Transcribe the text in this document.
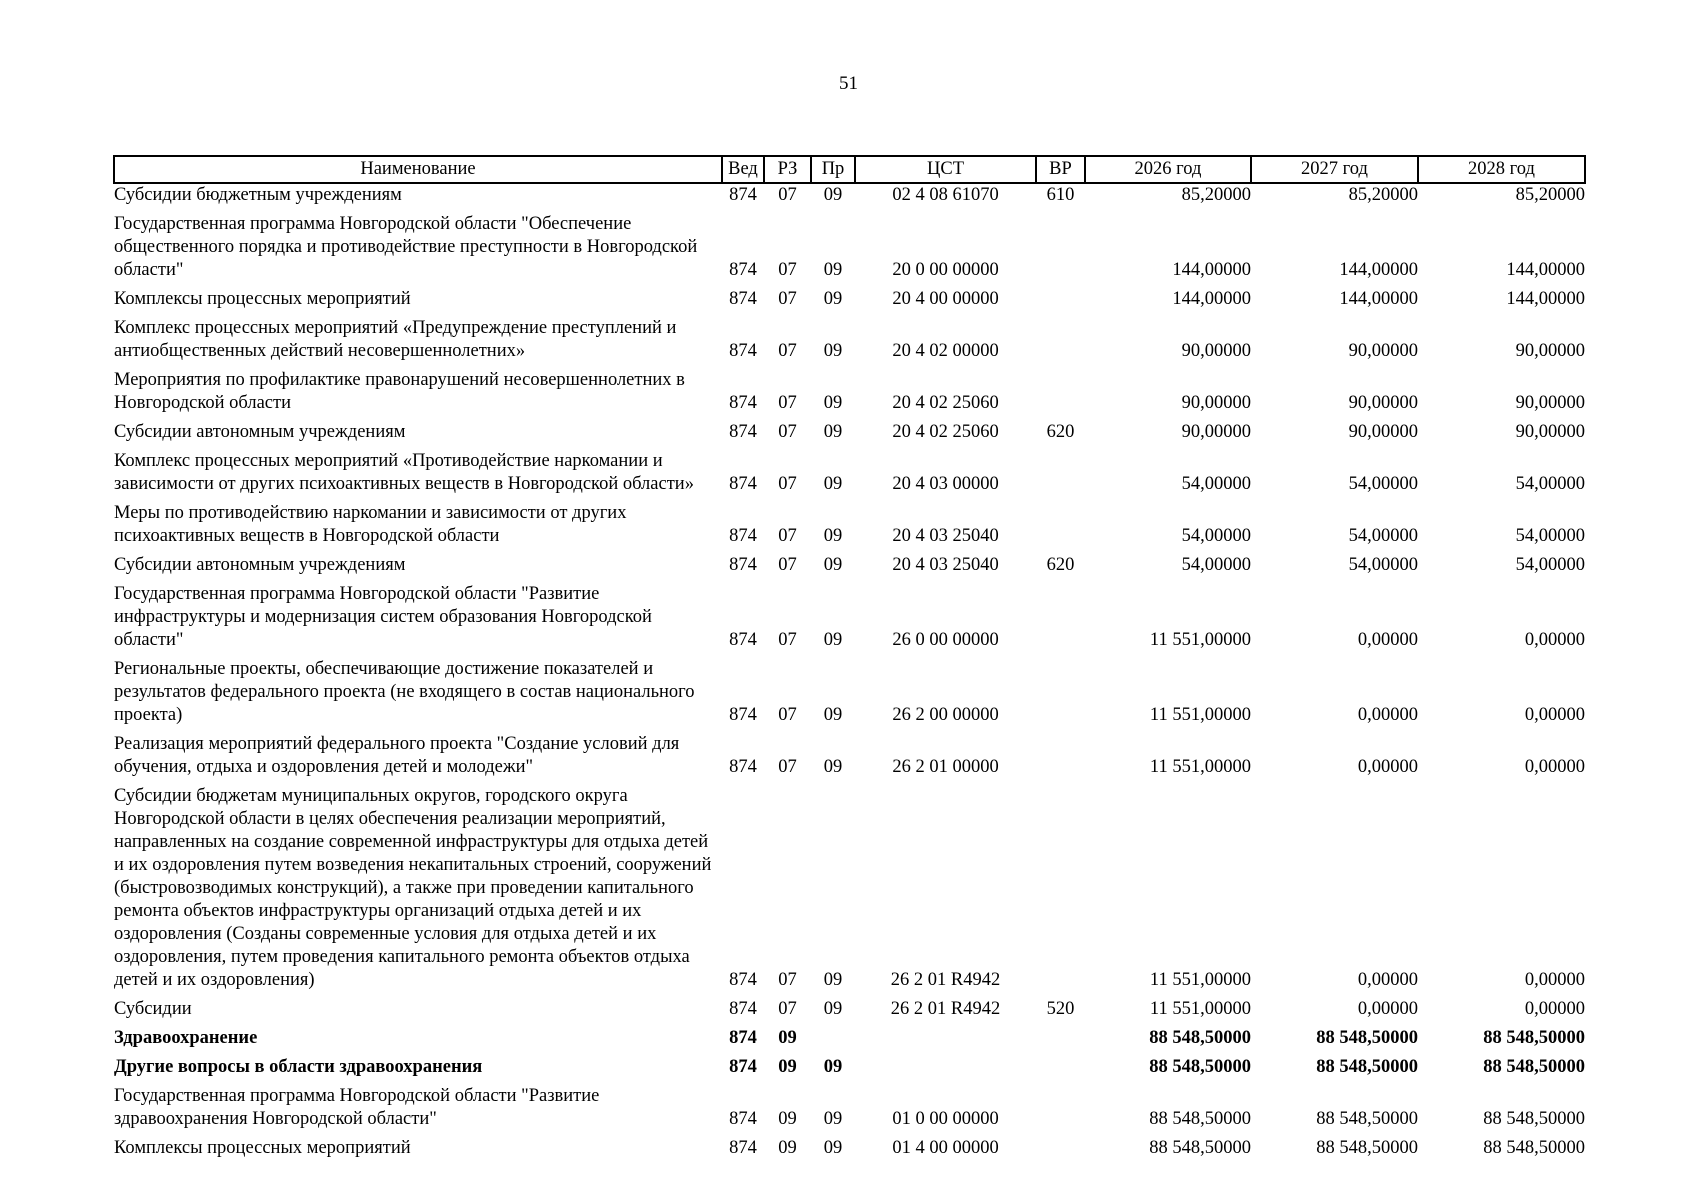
51
Наименование	Вед	РЗ	Пр	ЦСТ	ВР	2026 год	2027 год	2028 год
Субсидии бюджетным учреждениям	874	07	09	02 4 08 61070	610	85,20000	85,20000	85,20000
Государственная программа Новгородской области "Обеспечение общественного порядка и противодействие преступности в Новгородской области"	874	07	09	20 0 00 00000		144,00000	144,00000	144,00000
Комплексы процессных мероприятий	874	07	09	20 4 00 00000		144,00000	144,00000	144,00000
Комплекс процессных мероприятий «Предупреждение преступлений и антиобщественных действий несовершеннолетних»	874	07	09	20 4 02 00000		90,00000	90,00000	90,00000
Мероприятия по профилактике правонарушений несовершеннолетних в Новгородской области	874	07	09	20 4 02 25060		90,00000	90,00000	90,00000
Субсидии автономным учреждениям	874	07	09	20 4 02 25060	620	90,00000	90,00000	90,00000
Комплекс процессных мероприятий «Противодействие наркомании и зависимости от других психоактивных веществ в Новгородской области»	874	07	09	20 4 03 00000		54,00000	54,00000	54,00000
Меры по противодействию наркомании и зависимости от других психоактивных веществ в Новгородской области	874	07	09	20 4 03 25040		54,00000	54,00000	54,00000
Субсидии автономным учреждениям	874	07	09	20 4 03 25040	620	54,00000	54,00000	54,00000
Государственная программа Новгородской области "Развитие инфраструктуры и модернизация систем образования Новгородской области"	874	07	09	26 0 00 00000		11 551,00000	0,00000	0,00000
Региональные проекты, обеспечивающие достижение показателей и результатов федерального проекта (не входящего в состав национального проекта)	874	07	09	26 2 00 00000		11 551,00000	0,00000	0,00000
Реализация мероприятий федерального проекта "Создание условий для обучения, отдыха и оздоровления детей и молодежи"	874	07	09	26 2 01 00000		11 551,00000	0,00000	0,00000
Субсидии бюджетам муниципальных округов, городского округа Новгородской области в целях обеспечения реализации мероприятий, направленных на создание современной инфраструктуры для отдыха детей и их оздоровления путем возведения некапитальных строений, сооружений (быстровозводимых конструкций), а также при проведении капитального ремонта объектов инфраструктуры организаций отдыха детей и их оздоровления (Созданы современные условия для отдыха детей и их оздоровления, путем проведения капитального ремонта объектов отдыха детей и их оздоровления)	874	07	09	26 2 01 R4942		11 551,00000	0,00000	0,00000
Субсидии	874	07	09	26 2 01 R4942	520	11 551,00000	0,00000	0,00000
Здравоохранение	874	09				88 548,50000	88 548,50000	88 548,50000
Другие вопросы в области здравоохранения	874	09	09			88 548,50000	88 548,50000	88 548,50000
Государственная программа Новгородской области "Развитие здравоохранения Новгородской области"	874	09	09	01 0 00 00000		88 548,50000	88 548,50000	88 548,50000
Комплексы процессных мероприятий	874	09	09	01 4 00 00000		88 548,50000	88 548,50000	88 548,50000
